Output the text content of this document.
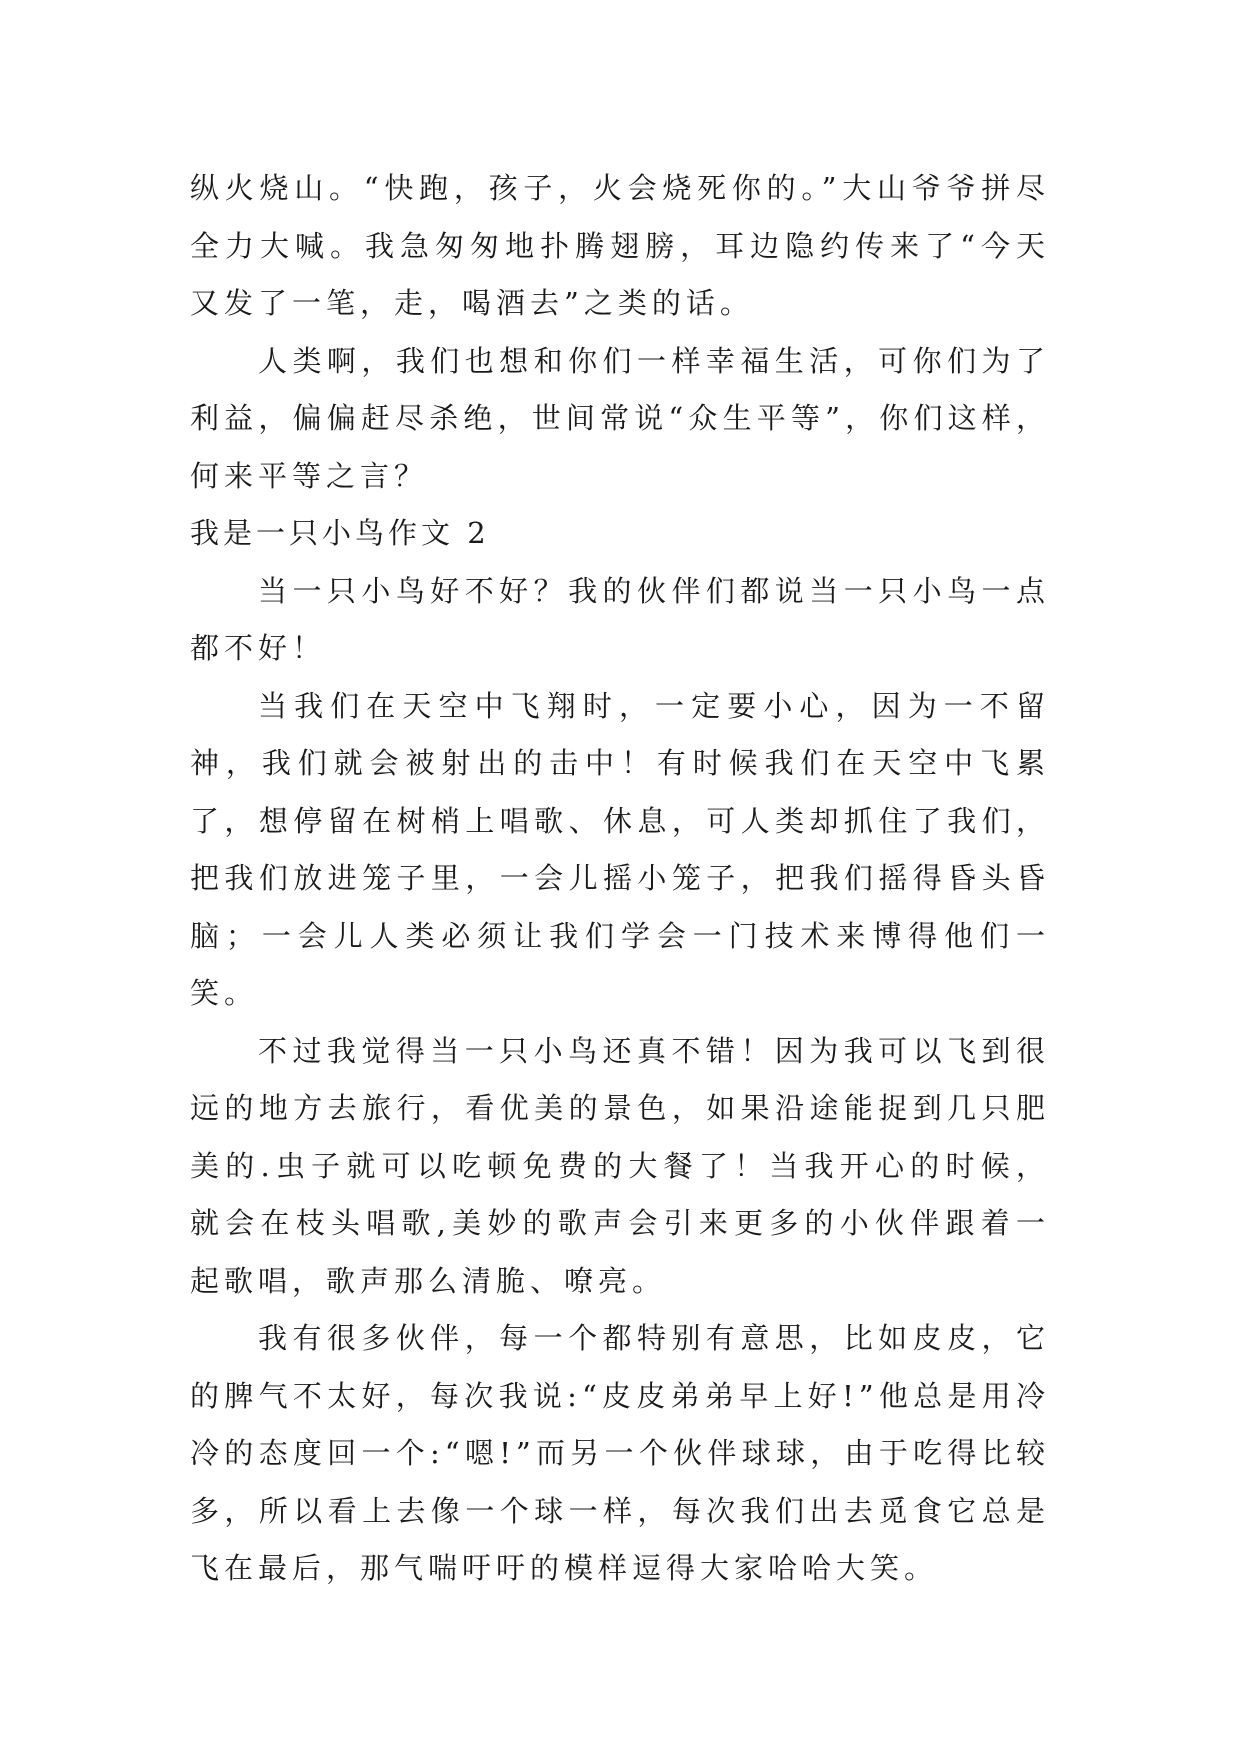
纵火烧山。“快跑，孩子，火会烧死你的。”大山爷爷拼尽全力大喊。我急匆匆地扑腾翅膀，耳边隐约传来了“今天又发了一笔，走，喝酒去”之类的话。

人类啊，我们也想和你们一样幸福生活，可你们为了利益，偏偏赶尽杀绝，世间常说“众生平等”，你们这样，何来平等之言？

我是一只小鸟作文 2

当一只小鸟好不好？我的伙伴们都说当一只小鸟一点都不好！

当我们在天空中飞翔时，一定要小心，因为一不留神，我们就会被射出的击中！有时候我们在天空中飞累了，想停留在树梢上唱歌、休息，可人类却抓住了我们，把我们放进笼子里，一会儿摇小笼子，把我们摇得昏头昏脑；一会儿人类必须让我们学会一门技术来博得他们一笑。

不过我觉得当一只小鸟还真不错！因为我可以飞到很远的地方去旅行，看优美的景色，如果沿途能捉到几只肥美的.虫子就可以吃顿免费的大餐了！当我开心的时候，就会在枝头唱歌,美妙的歌声会引来更多的小伙伴跟着一起歌唱，歌声那么清脆、嘹亮。

我有很多伙伴，每一个都特别有意思，比如皮皮，它的脾气不太好，每次我说:“皮皮弟弟早上好!”他总是用冷冷的态度回一个:“嗯!”而另一个伙伴球球，由于吃得比较多，所以看上去像一个球一样，每次我们出去觅食它总是飞在最后，那气喘吁吁的模样逗得大家哈哈大笑。
